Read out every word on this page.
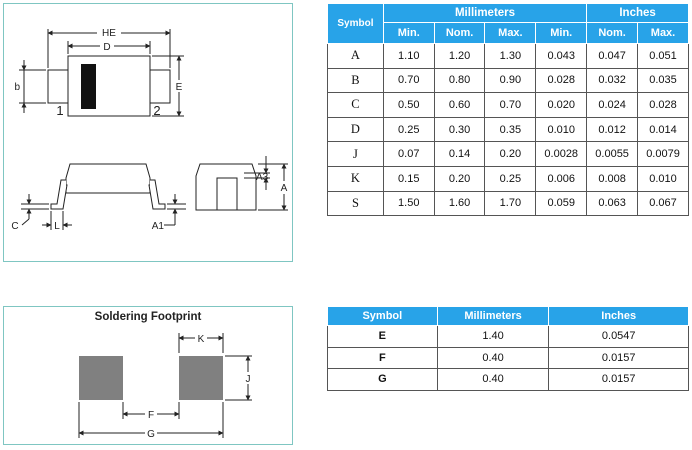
HE
D
b	E
1	2
A3
A
C	L	A1
Symbol	Millimeters				Inches	
	Min.	Nom.	Max.	Min.	Nom.	Max.
A	1.10	1.20	1.30	0.043	0.047	0.051
B	0.70	0.80	0.90	0.028	0.032	0.035
C	0.50	0.60	0.70	0.020	0.024	0.028
D	0.25	0.30	0.35	0.010	0.012	0.014
J	0.07	0.14	0.20	0.0028	0.0055	0.0079
K	0.15	0.20	0.25	0.006	0.008	0.010
S	1.50	1.60	1.70	0.059	0.063	0.067
Soldering Footprint
K
J
F
G
Symbol	Millimeters	Inches
E	1.40	0.0547
F	0.40	0.0157
G	0.40	0.0157
